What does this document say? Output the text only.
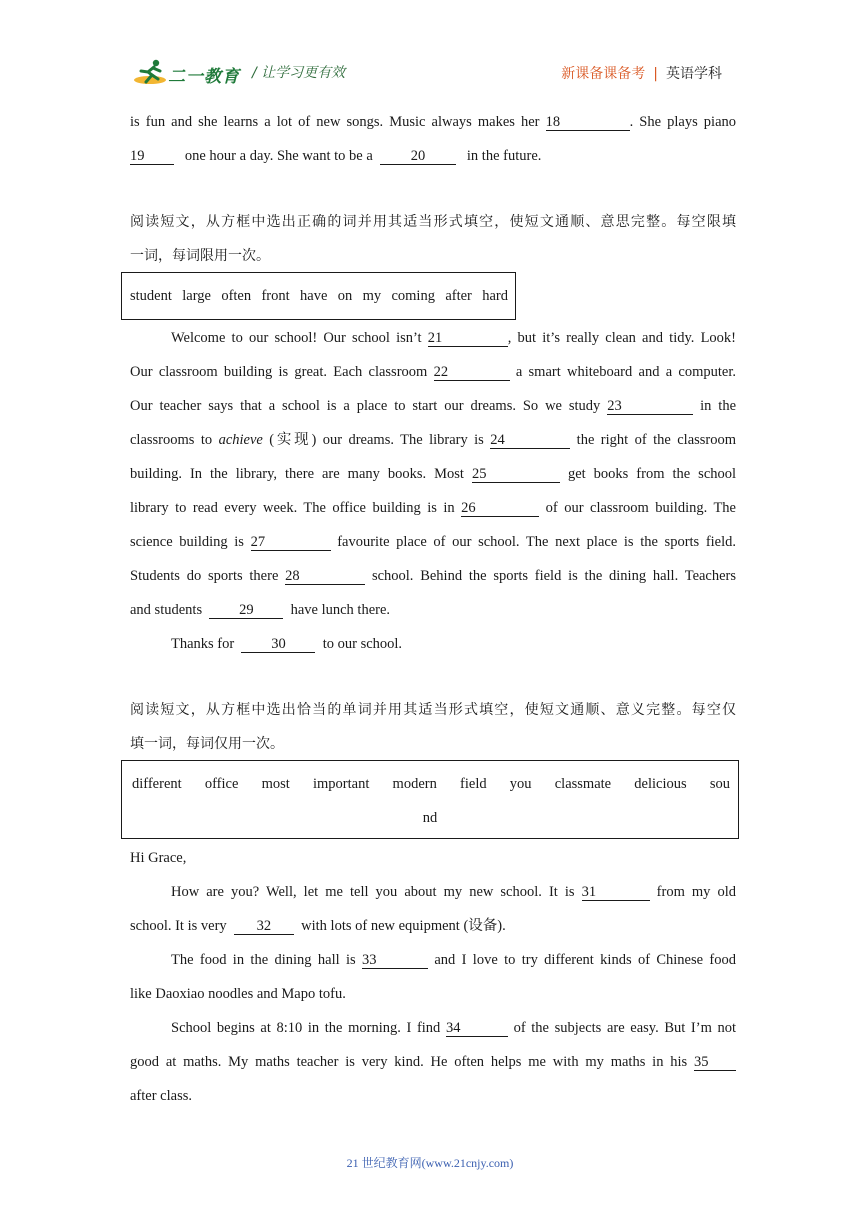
二一教育 / 让学习更有效	新课备课备考 | 英语学科
is fun and she learns a lot of new songs. Music always makes her 18	. She plays piano
19	one hour a day. She want to be a	20	in the future.
阅读短文，从方框中选出正确的词并用其适当形式填空，使短文通顺、意思完整。每空限填
一词，每词限用一次。
student large often front have on my coming after hard
Welcome to our school! Our school isn’t 21	, but it’s really clean and tidy. Look!
Our classroom building is great. Each classroom 22	a smart whiteboard and a computer.
Our teacher says that a school is a place to start our dreams. So we study 23	in the
classrooms to achieve (实现) our dreams. The library is 24	the right of the classroom
building. In the library, there are many books. Most 25	get books from the school
library to read every week. The office building is in 26	of our classroom building. The
science building is 27	favourite place of our school. The next place is the sports field.
Students do sports there 28	school. Behind the sports field is the dining hall. Teachers
and students	29	have lunch there.
Thanks for	30	to our school.
阅读短文，从方框中选出恰当的单词并用其适当形式填空，使短文通顺、意义完整。每空仅
填一词，每词仅用一次。
different office most important modern field you classmate delicious sou
nd
Hi Grace,
How are you? Well, let me tell you about my new school. It is 31	from my old
school. It is very 32 with lots of new equipment (设备).
The food in the dining hall is 33	and I love to try different kinds of Chinese food
like Daoxiao noodles and Mapo tofu.
School begins at 8:10 in the morning. I find 34	of the subjects are easy. But I’m not
good at maths. My maths teacher is very kind. He often helps me with my maths in his 35
after class.
21 世纪教育网(www.21cnjy.com)
